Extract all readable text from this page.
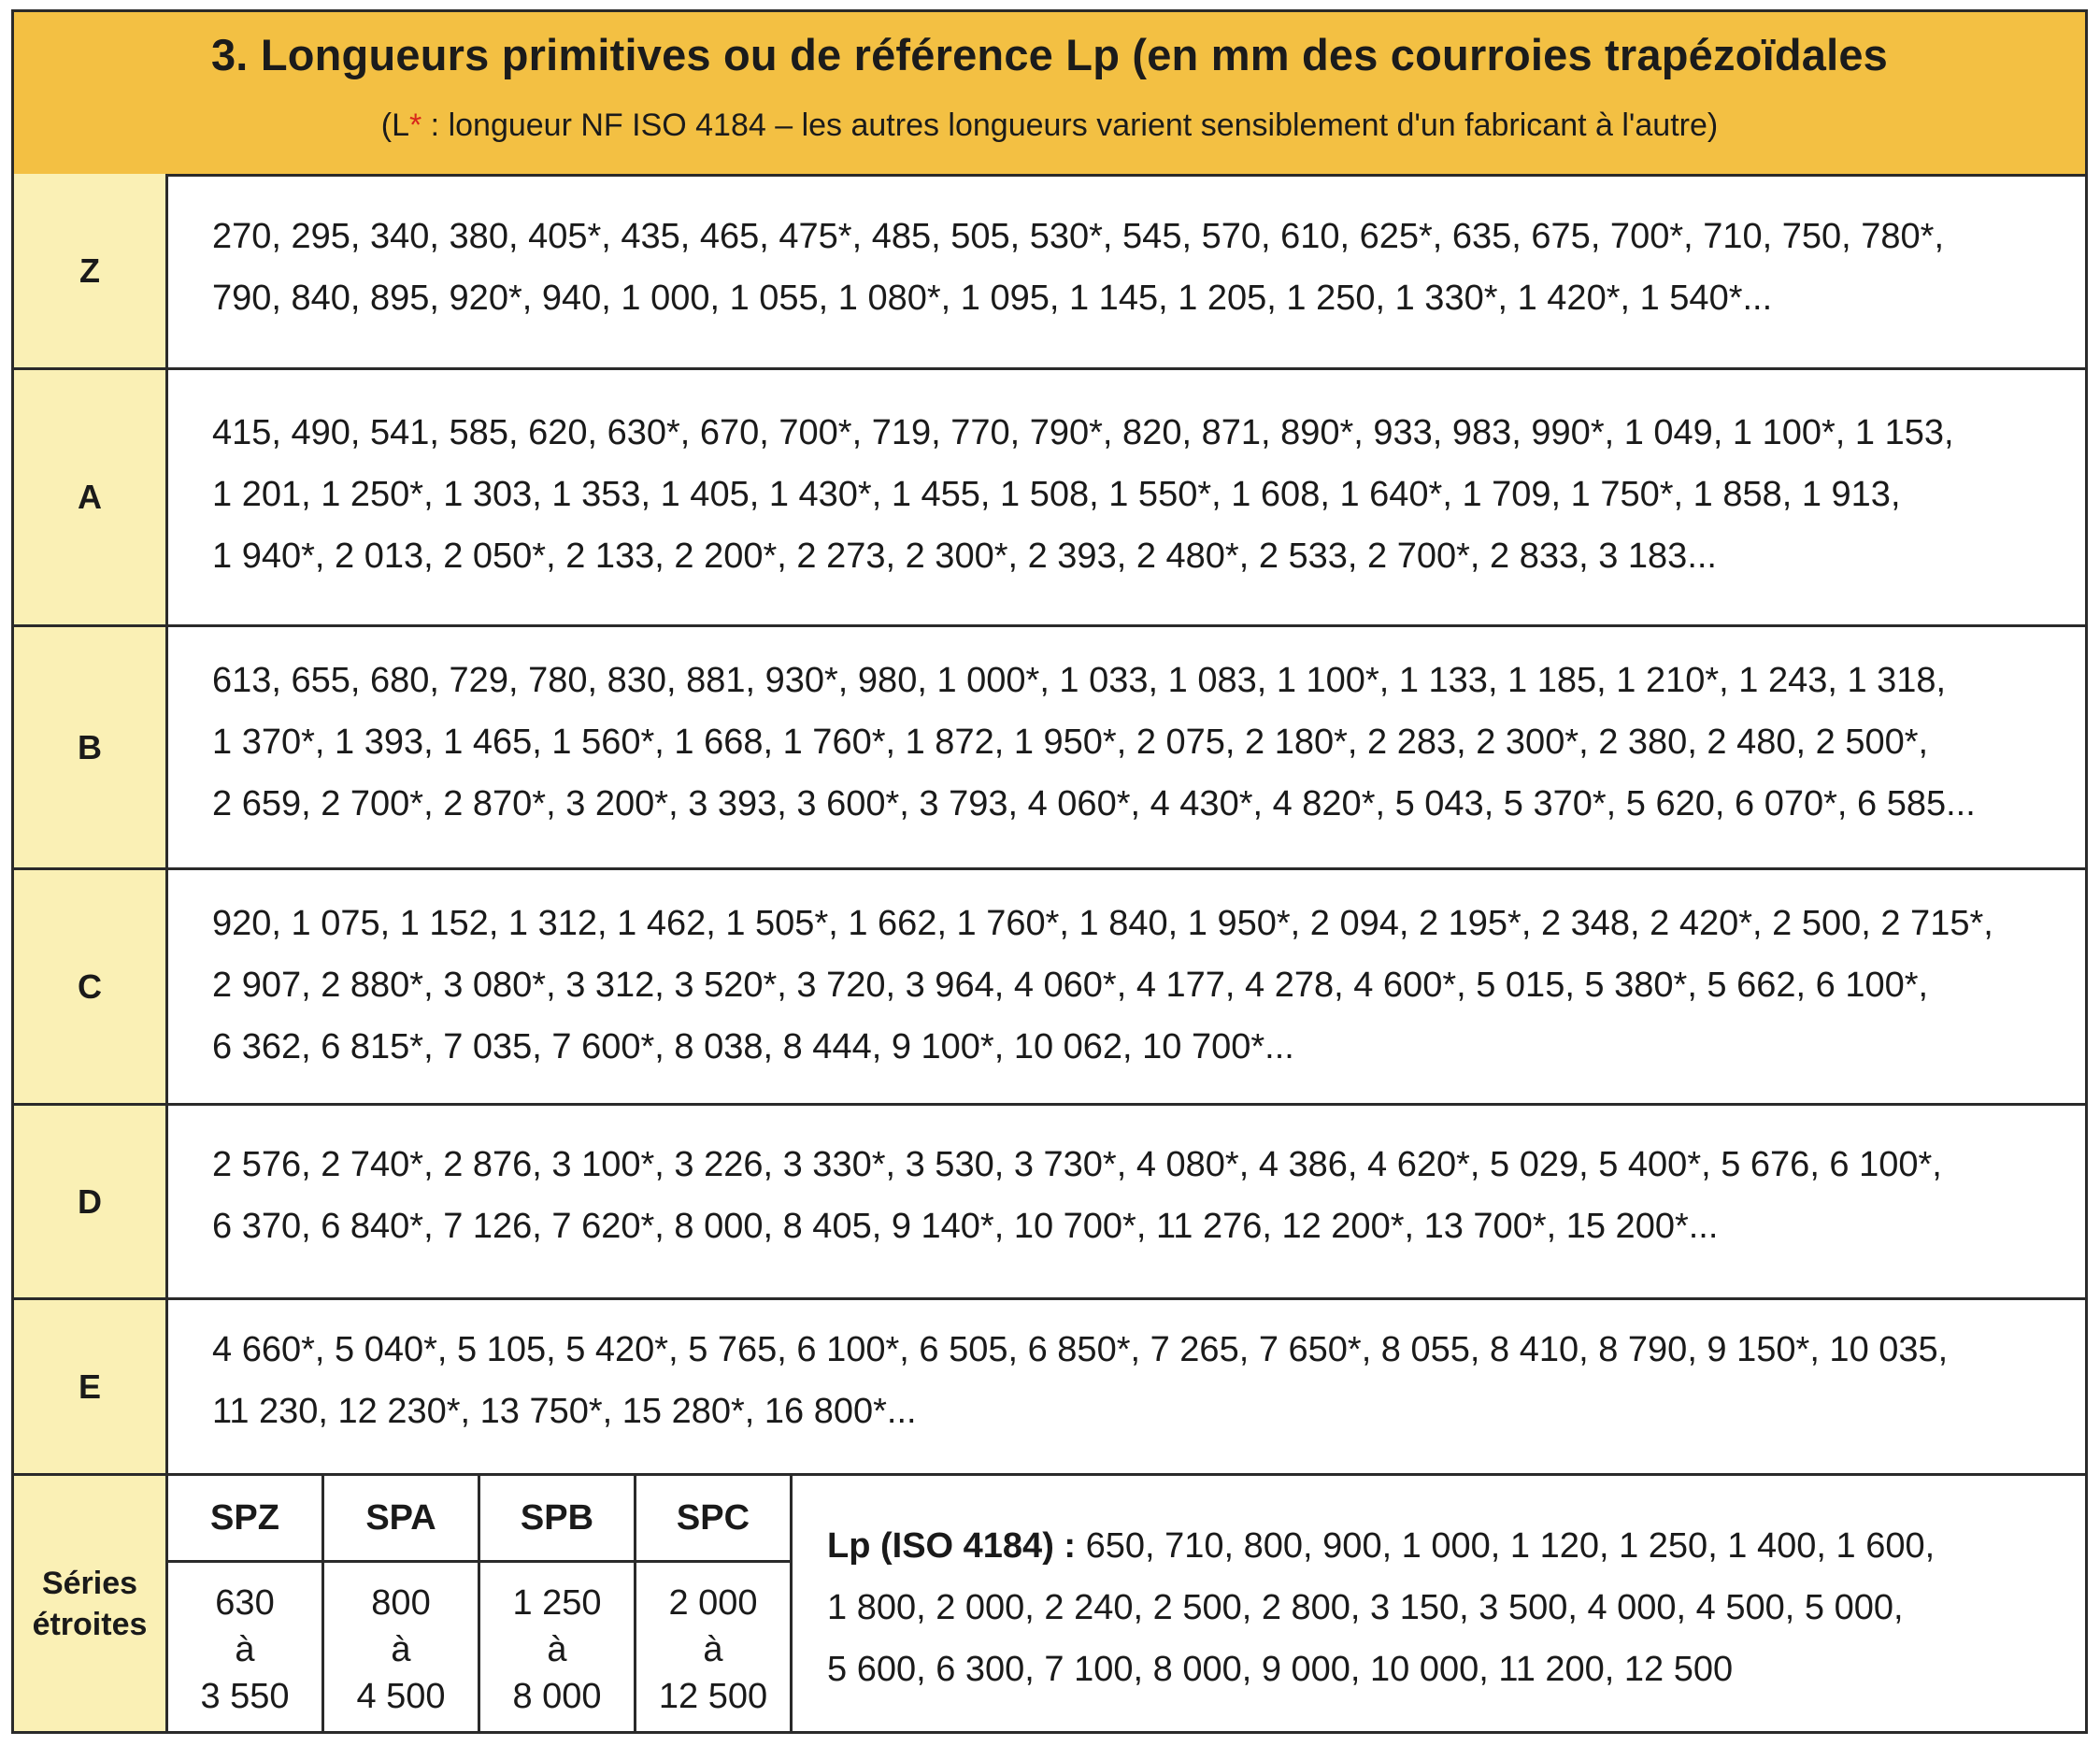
3. Longueurs primitives ou de référence Lp (en mm des courroies trapézoïdales
(L* : longueur NF ISO 4184 – les autres longueurs varient sensiblement d'un fabricant à l'autre)
Z
270, 295, 340, 380, 405*, 435, 465, 475*, 485, 505, 530*, 545, 570, 610, 625*, 635, 675, 700*, 710, 750, 780*,
790, 840, 895, 920*, 940, 1 000, 1 055, 1 080*, 1 095, 1 145, 1 205, 1 250, 1 330*, 1 420*, 1 540*...
A
415, 490, 541, 585, 620, 630*, 670, 700*, 719, 770, 790*, 820, 871, 890*, 933, 983, 990*, 1 049, 1 100*, 1 153,
1 201, 1 250*, 1 303, 1 353, 1 405, 1 430*, 1 455, 1 508, 1 550*, 1 608, 1 640*, 1 709, 1 750*, 1 858, 1 913,
1 940*, 2 013, 2 050*, 2 133, 2 200*, 2 273, 2 300*, 2 393, 2 480*, 2 533, 2 700*, 2 833, 3 183...
B
613, 655, 680, 729, 780, 830, 881, 930*, 980, 1 000*, 1 033, 1 083, 1 100*, 1 133, 1 185, 1 210*, 1 243, 1 318,
1 370*, 1 393, 1 465, 1 560*, 1 668, 1 760*, 1 872, 1 950*, 2 075, 2 180*, 2 283, 2 300*, 2 380, 2 480, 2 500*,
2 659, 2 700*, 2 870*, 3 200*, 3 393, 3 600*, 3 793, 4 060*, 4 430*, 4 820*, 5 043, 5 370*, 5 620, 6 070*, 6 585...
C
920, 1 075, 1 152, 1 312, 1 462, 1 505*, 1 662, 1 760*, 1 840, 1 950*, 2 094, 2 195*, 2 348, 2 420*, 2 500, 2 715*,
2 907, 2 880*, 3 080*, 3 312, 3 520*, 3 720, 3 964, 4 060*, 4 177, 4 278, 4 600*, 5 015, 5 380*, 5 662, 6 100*,
6 362, 6 815*, 7 035, 7 600*, 8 038, 8 444, 9 100*, 10 062, 10 700*...
D
2 576, 2 740*, 2 876, 3 100*, 3 226, 3 330*, 3 530, 3 730*, 4 080*, 4 386, 4 620*, 5 029, 5 400*, 5 676, 6 100*,
6 370, 6 840*, 7 126, 7 620*, 8 000, 8 405, 9 140*, 10 700*, 11 276, 12 200*, 13 700*, 15 200*...
E
4 660*, 5 040*, 5 105, 5 420*, 5 765, 6 100*, 6 505, 6 850*, 7 265, 7 650*, 8 055, 8 410, 8 790, 9 150*, 10 035,
11 230, 12 230*, 13 750*, 15 280*, 16 800*...
Séries
étroites
SPZ
630
à
3 550
SPA
800
à
4 500
SPB
1 250
à
8 000
SPC
2 000
à
12 500
Lp (ISO 4184) : 650, 710, 800, 900, 1 000, 1 120, 1 250, 1 400, 1 600,
1 800, 2 000, 2 240, 2 500, 2 800, 3 150, 3 500, 4 000, 4 500, 5 000,
5 600, 6 300, 7 100, 8 000, 9 000, 10 000, 11 200, 12 500
